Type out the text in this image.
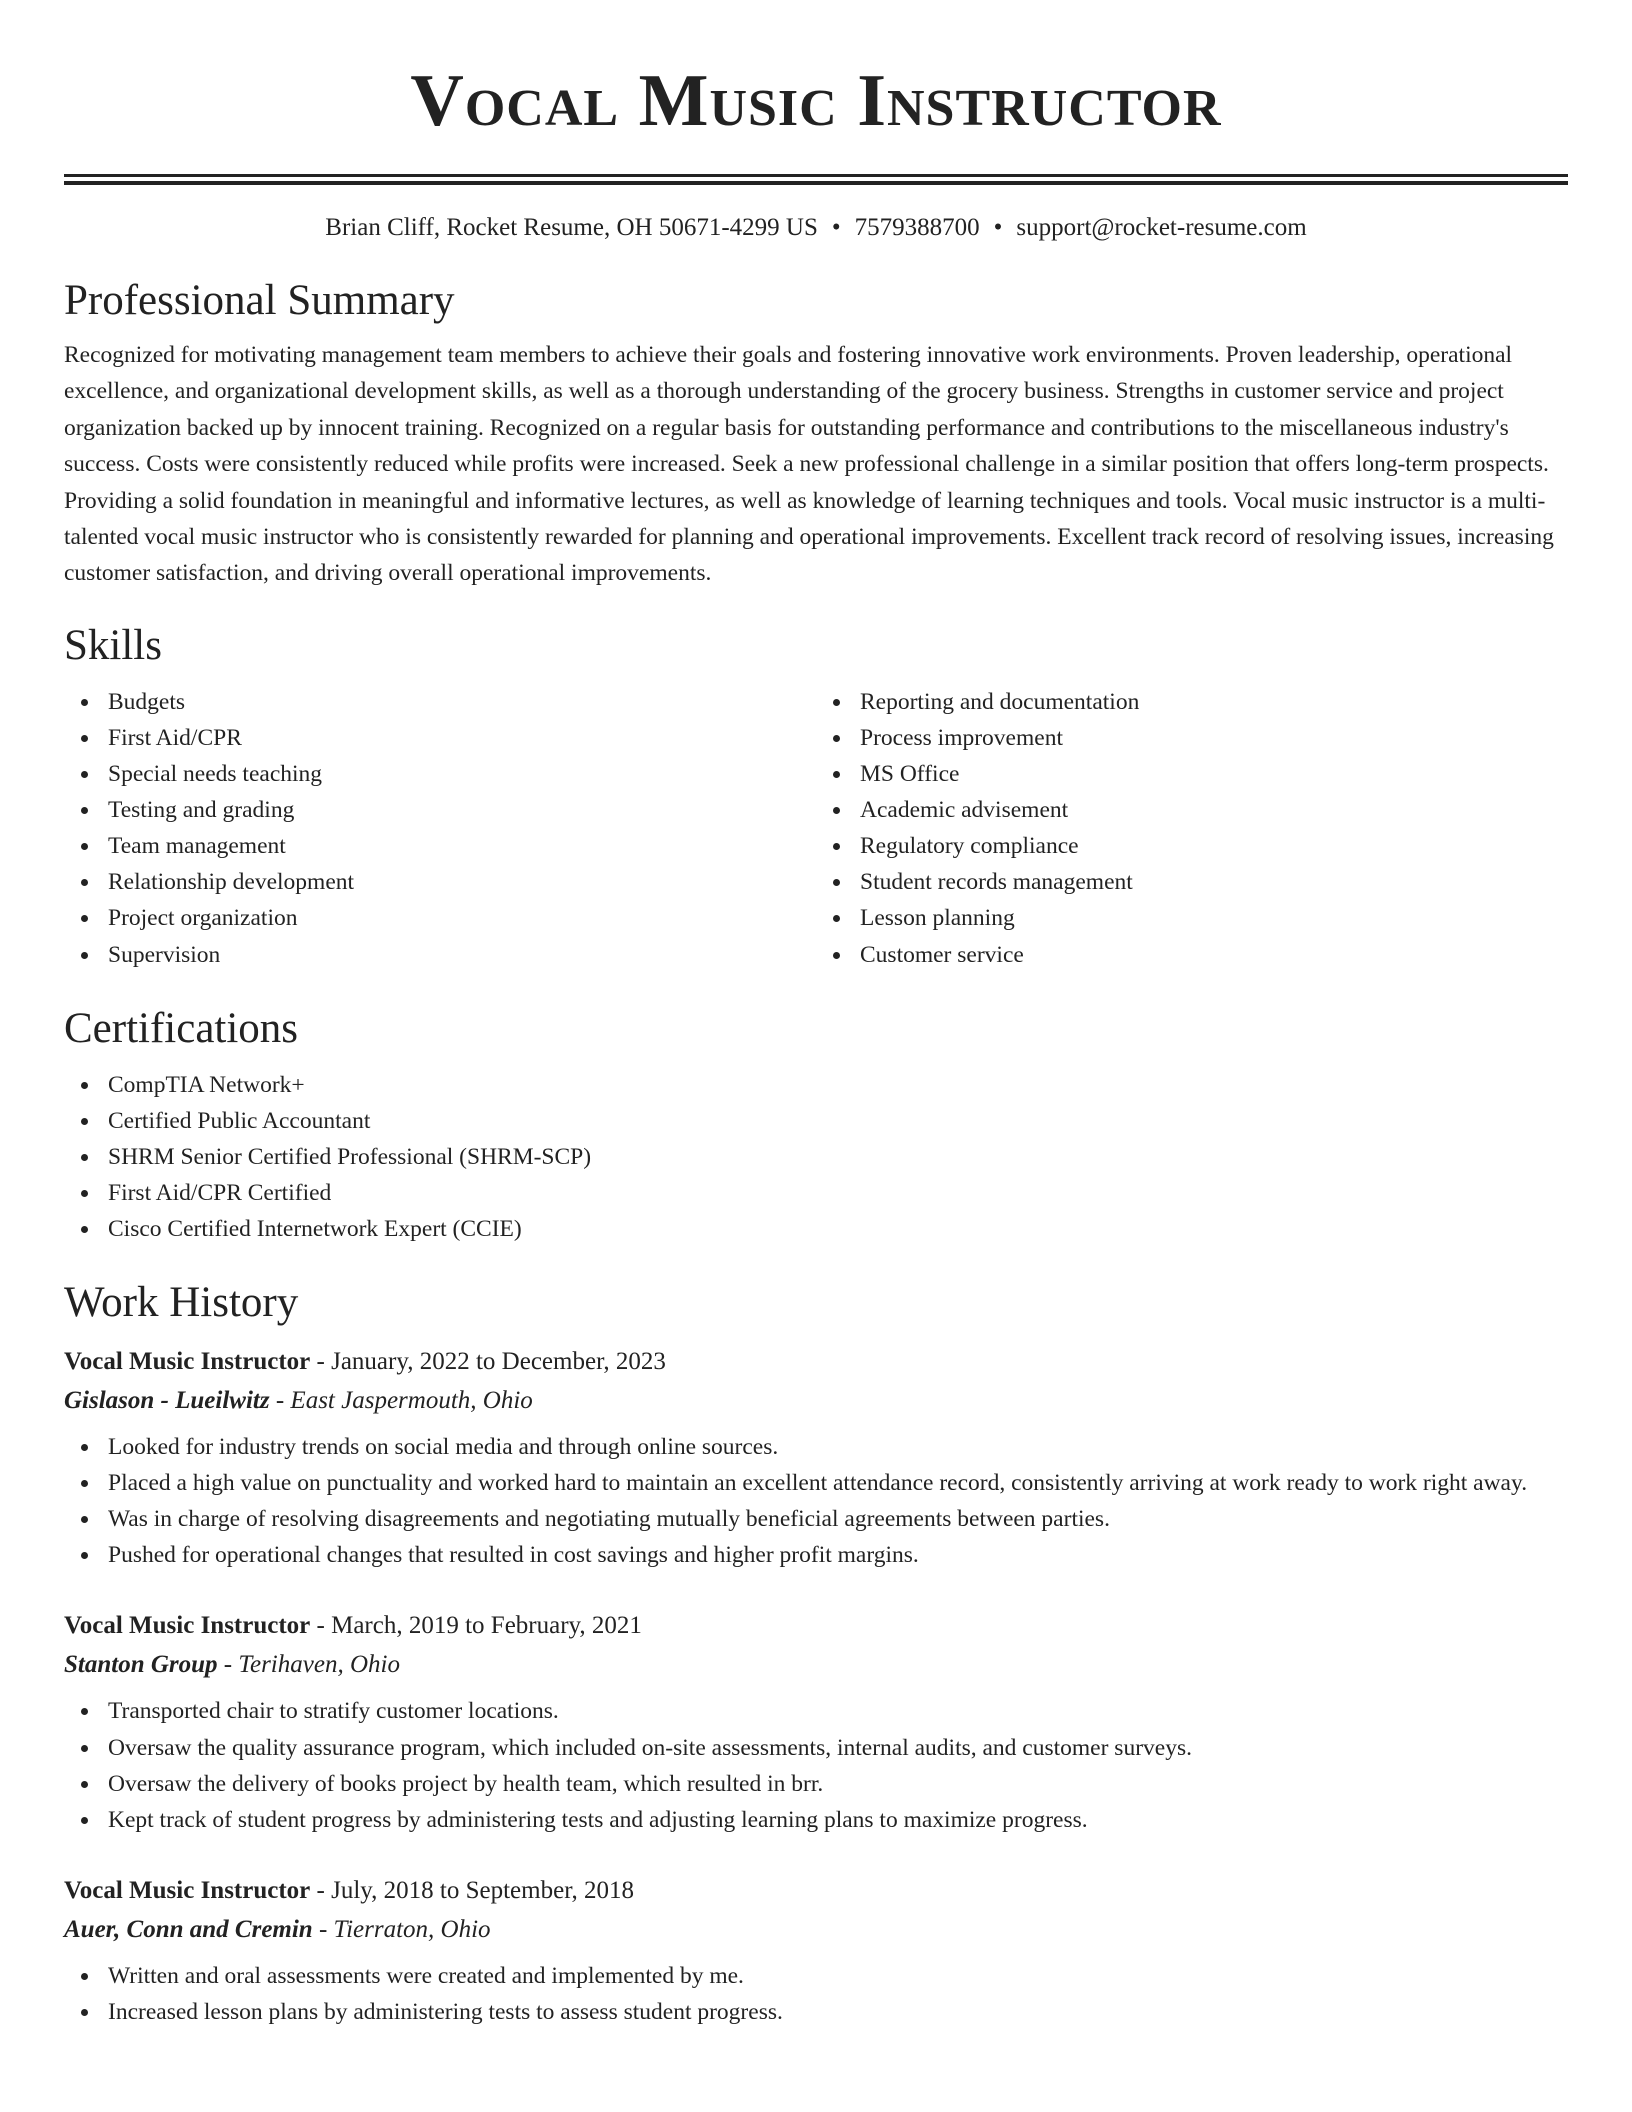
Vocal Music Instructor
Brian Cliff, Rocket Resume, OH 50671-4299 US • 7579388700 • support@rocket-resume.com
Professional Summary

Recognized for motivating management team members to achieve their goals and fostering innovative work environments. Proven leadership, operational excellence, and organizational development skills, as well as a thorough understanding of the grocery business. Strengths in customer service and project organization backed up by innocent training. Recognized on a regular basis for outstanding performance and contributions to the miscellaneous industry's success. Costs were consistently reduced while profits were increased. Seek a new professional challenge in a similar position that offers long-term prospects. Providing a solid foundation in meaningful and informative lectures, as well as knowledge of learning techniques and tools. Vocal music instructor is a multi-talented vocal music instructor who is consistently rewarded for planning and operational improvements. Excellent track record of resolving issues, increasing customer satisfaction, and driving overall operational improvements.

Skills
Budgets
First Aid/CPR
Special needs teaching
Testing and grading
Team management
Relationship development
Project organization
Supervision
Reporting and documentation
Process improvement
MS Office
Academic advisement
Regulatory compliance
Student records management
Lesson planning
Customer service
Certifications
CompTIA Network+
Certified Public Accountant
SHRM Senior Certified Professional (SHRM-SCP)
First Aid/CPR Certified
Cisco Certified Internetwork Expert (CCIE)
Work History
Vocal Music Instructor - January, 2022 to December, 2023
Gislason - Lueilwitz - East Jaspermouth, Ohio
Looked for industry trends on social media and through online sources.
Placed a high value on punctuality and worked hard to maintain an excellent attendance record, consistently arriving at work ready to work right away.
Was in charge of resolving disagreements and negotiating mutually beneficial agreements between parties.
Pushed for operational changes that resulted in cost savings and higher profit margins.
Vocal Music Instructor - March, 2019 to February, 2021
Stanton Group - Terihaven, Ohio
Transported chair to stratify customer locations.
Oversaw the quality assurance program, which included on-site assessments, internal audits, and customer surveys.
Oversaw the delivery of books project by health team, which resulted in brr.
Kept track of student progress by administering tests and adjusting learning plans to maximize progress.
Vocal Music Instructor - July, 2018 to September, 2018
Auer, Conn and Cremin - Tierraton, Ohio
Written and oral assessments were created and implemented by me.
Increased lesson plans by administering tests to assess student progress.
